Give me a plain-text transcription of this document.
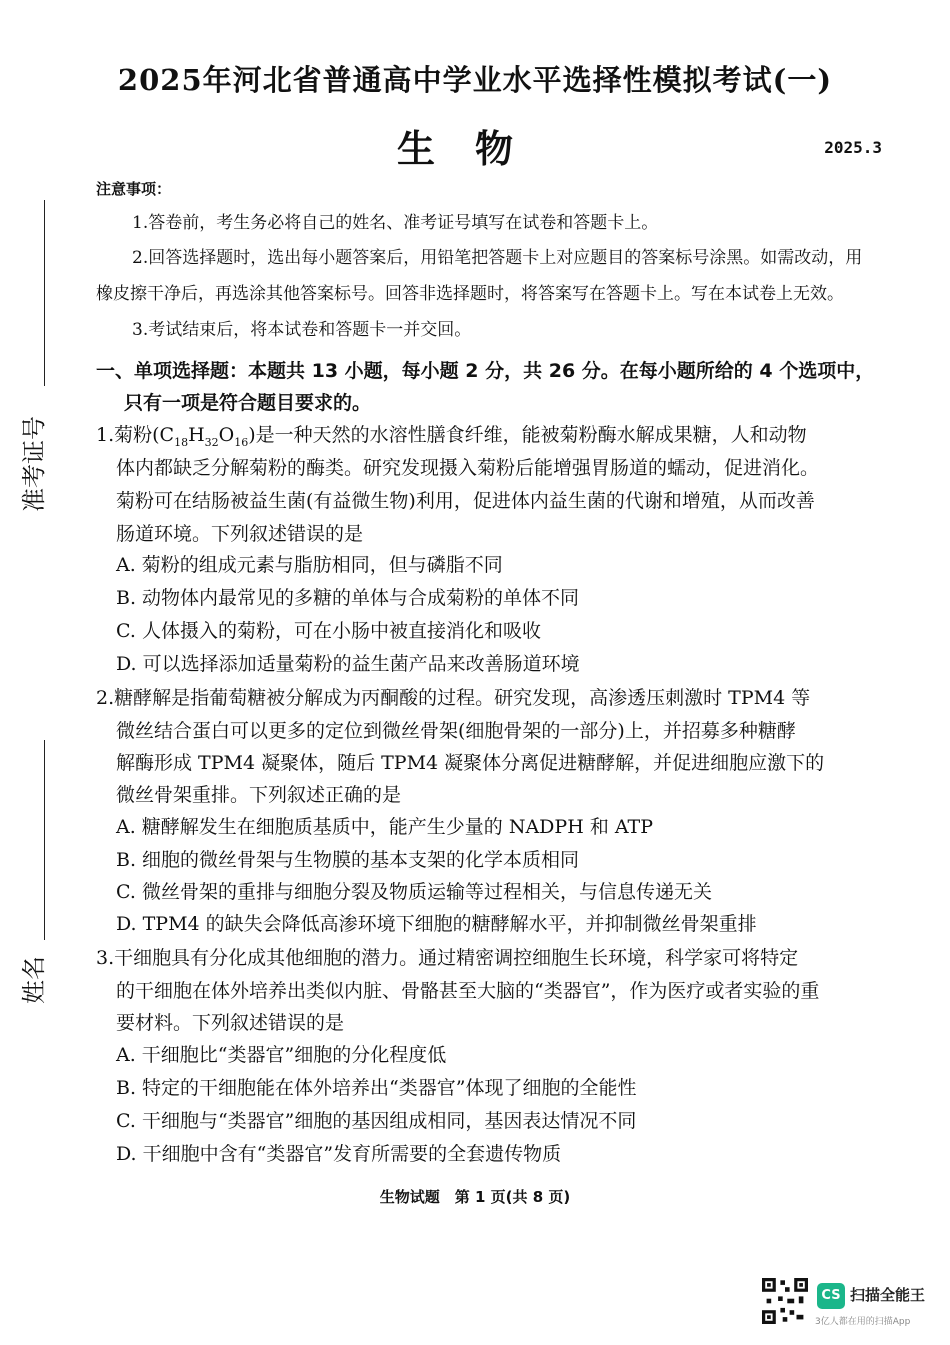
2025年河北省普通高中学业水平选择性模拟考试(一)
生物	2025.3
准考证号
姓名
注意事项：
1.答卷前，考生务必将自己的姓名、准考证号填写在试卷和答题卡上。
2.回答选择题时，选出每小题答案后，用铅笔把答题卡上对应题目的答案标号涂黑。如需改动，用
橡皮擦干净后，再选涂其他答案标号。回答非选择题时，将答案写在答题卡上。写在本试卷上无效。
3.考试结束后，将本试卷和答题卡一并交回。
一、单项选择题：本题共 13 小题，每小题 2 分，共 26 分。在每小题所给的 4 个选项中，
只有一项是符合题目要求的。
1.菊粉$(C_{18}H_{32}O_{16})$是一种天然的水溶性膳食纤维，能被菊粉酶水解成果糖，人和动物
体内都缺乏分解菊粉的酶类。研究发现摄入菊粉后能增强胃肠道的蠕动，促进消化。
菊粉可在结肠被益生菌(有益微生物)利用，促进体内益生菌的代谢和增殖，从而改善
肠道环境。下列叙述错误的是
A. 菊粉的组成元素与脂肪相同，但与磷脂不同
B. 动物体内最常见的多糖的单体与合成菊粉的单体不同
C. 人体摄入的菊粉，可在小肠中被直接消化和吸收
D. 可以选择添加适量菊粉的益生菌产品来改善肠道环境
2.糖酵解是指葡萄糖被分解成为丙酮酸的过程。研究发现，高渗透压刺激时 TPM4 等
微丝结合蛋白可以更多的定位到微丝骨架(细胞骨架的一部分)上，并招募多种糖酵
解酶形成 TPM4 凝聚体，随后 TPM4 凝聚体分离促进糖酵解，并促进细胞应激下的
微丝骨架重排。下列叙述正确的是
A. 糖酵解发生在细胞质基质中，能产生少量的 NADPH 和 ATP
B. 细胞的微丝骨架与生物膜的基本支架的化学本质相同
C. 微丝骨架的重排与细胞分裂及物质运输等过程相关，与信息传递无关
D. TPM4 的缺失会降低高渗环境下细胞的糖酵解水平，并抑制微丝骨架重排
3.干细胞具有分化成其他细胞的潜力。通过精密调控细胞生长环境，科学家可将特定
的干细胞在体外培养出类似内脏、骨骼甚至大脑的“类器官”，作为医疗或者实验的重
要材料。下列叙述错误的是
A. 干细胞比“类器官”细胞的分化程度低
B. 特定的干细胞能在体外培养出“类器官”体现了细胞的全能性
C. 干细胞与“类器官”细胞的基因组成相同，基因表达情况不同
D. 干细胞中含有“类器官”发育所需要的全套遗传物质
生物试题　第 1 页(共 8 页)
CS 扫描全能王
3亿人都在用的扫描App
